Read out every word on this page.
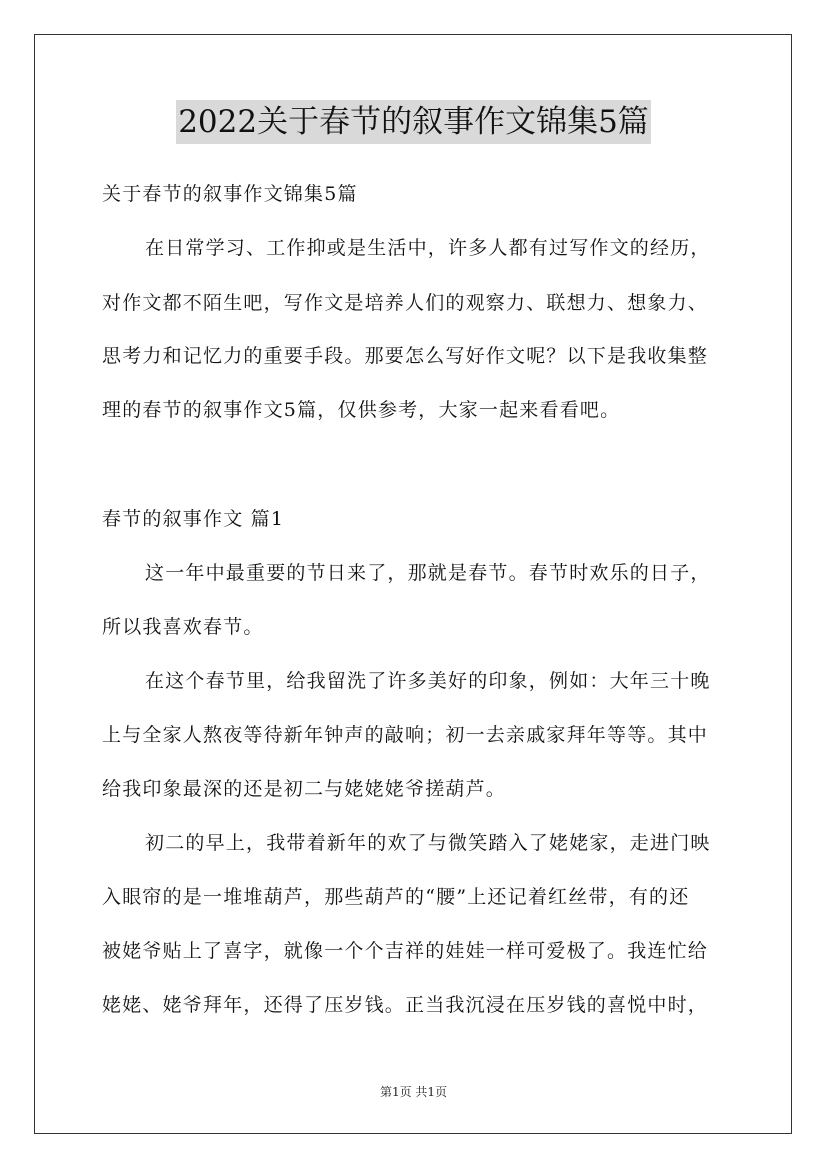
2022关于春节的叙事作文锦集5篇
关于春节的叙事作文锦集5篇
在日常学习、工作抑或是生活中，许多人都有过写作文的经历，
对作文都不陌生吧，写作文是培养人们的观察力、联想力、想象力、
思考力和记忆力的重要手段。那要怎么写好作文呢？以下是我收集整
理的春节的叙事作文5篇，仅供参考，大家一起来看看吧。
春节的叙事作文 篇1
这一年中最重要的节日来了，那就是春节。春节时欢乐的日子，
所以我喜欢春节。
在这个春节里，给我留洗了许多美好的印象，例如：大年三十晚
上与全家人熬夜等待新年钟声的敲响；初一去亲戚家拜年等等。其中
给我印象最深的还是初二与姥姥姥爷搓葫芦。
初二的早上，我带着新年的欢了与微笑踏入了姥姥家，走进门映
入眼帘的是一堆堆葫芦，那些葫芦的“腰”上还记着红丝带，有的还
被姥爷贴上了喜字，就像一个个吉祥的娃娃一样可爱极了。我连忙给
姥姥、姥爷拜年，还得了压岁钱。正当我沉浸在压岁钱的喜悦中时，
第1页 共1页
